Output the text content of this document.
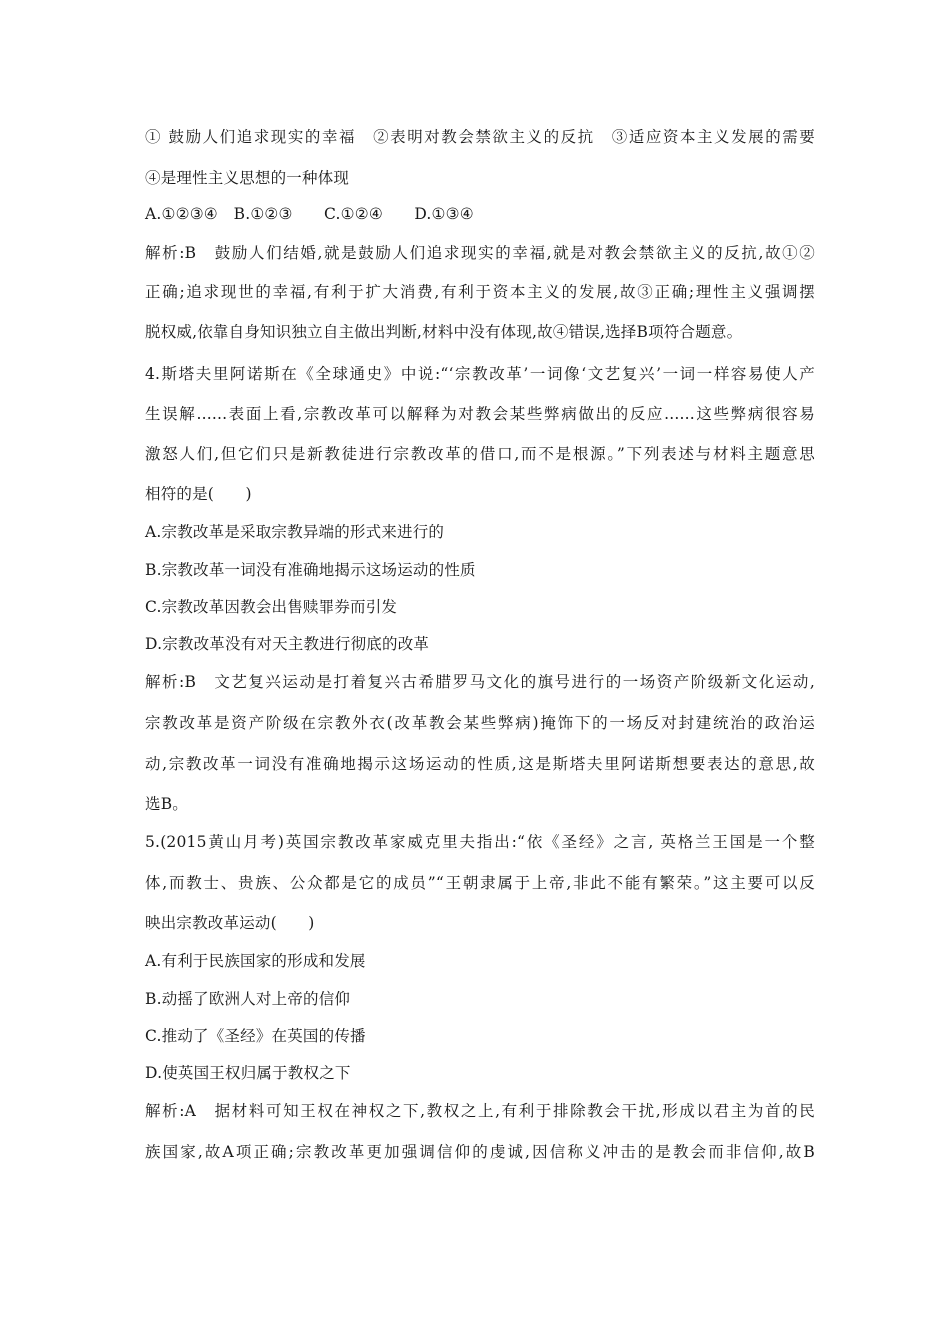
① 鼓励人们追求现实的幸福　②表明对教会禁欲主义的反抗　③适应资本主义发展的需要
④是理性主义思想的一种体现
A.①②③④　B.①②③　　C.①②④　　D.①③④
解析:B　鼓励人们结婚,就是鼓励人们追求现实的幸福,就是对教会禁欲主义的反抗,故①②
正确;追求现世的幸福,有利于扩大消费,有利于资本主义的发展,故③正确;理性主义强调摆
脱权威,依靠自身知识独立自主做出判断,材料中没有体现,故④错误,选择B项符合题意。
4.斯塔夫里阿诺斯在《全球通史》中说:“‘宗教改革’一词像‘文艺复兴’一词一样容易使人产
生误解......表面上看,宗教改革可以解释为对教会某些弊病做出的反应......这些弊病很容易
激怒人们,但它们只是新教徒进行宗教改革的借口,而不是根源。”下列表述与材料主题意思
相符的是(　　)
A.宗教改革是采取宗教异端的形式来进行的
B.宗教改革一词没有准确地揭示这场运动的性质
C.宗教改革因教会出售赎罪券而引发
D.宗教改革没有对天主教进行彻底的改革
解析:B　文艺复兴运动是打着复兴古希腊罗马文化的旗号进行的一场资产阶级新文化运动,
宗教改革是资产阶级在宗教外衣(改革教会某些弊病)掩饰下的一场反对封建统治的政治运
动,宗教改革一词没有准确地揭示这场运动的性质,这是斯塔夫里阿诺斯想要表达的意思,故
选B。
5.(2015黄山月考)英国宗教改革家威克里夫指出:“依《圣经》之言, 英格兰王国是一个整
体,而教士、贵族、公众都是它的成员”“王朝隶属于上帝,非此不能有繁荣。”这主要可以反
映出宗教改革运动(　　)
A.有利于民族国家的形成和发展
B.动摇了欧洲人对上帝的信仰
C.推动了《圣经》在英国的传播
D.使英国王权归属于教权之下
解析:A　据材料可知王权在神权之下,教权之上,有利于排除教会干扰,形成以君主为首的民
族国家,故A项正确;宗教改革更加强调信仰的虔诚,因信称义冲击的是教会而非信仰,故B
